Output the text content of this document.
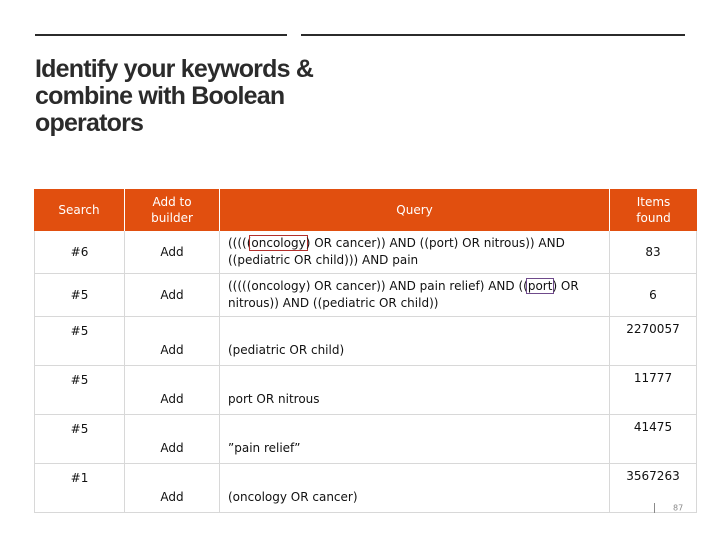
Identify your keywords & combine with Boolean operators
Search	Add to builder	Query	Items found
#6	Add	(((((oncology) OR cancer)) AND ((port) OR nitrous)) AND ((pediatric OR child))) AND pain	83
#5	Add	(((((oncology) OR cancer)) AND pain relief) AND ((port) OR nitrous)) AND ((pediatric OR child))	6
#5	Add	(pediatric OR child)	2270057
#5	Add	port OR nitrous	11777
#5	Add	”pain relief”	41475
#1	Add	(oncology OR cancer)	3567263
87
